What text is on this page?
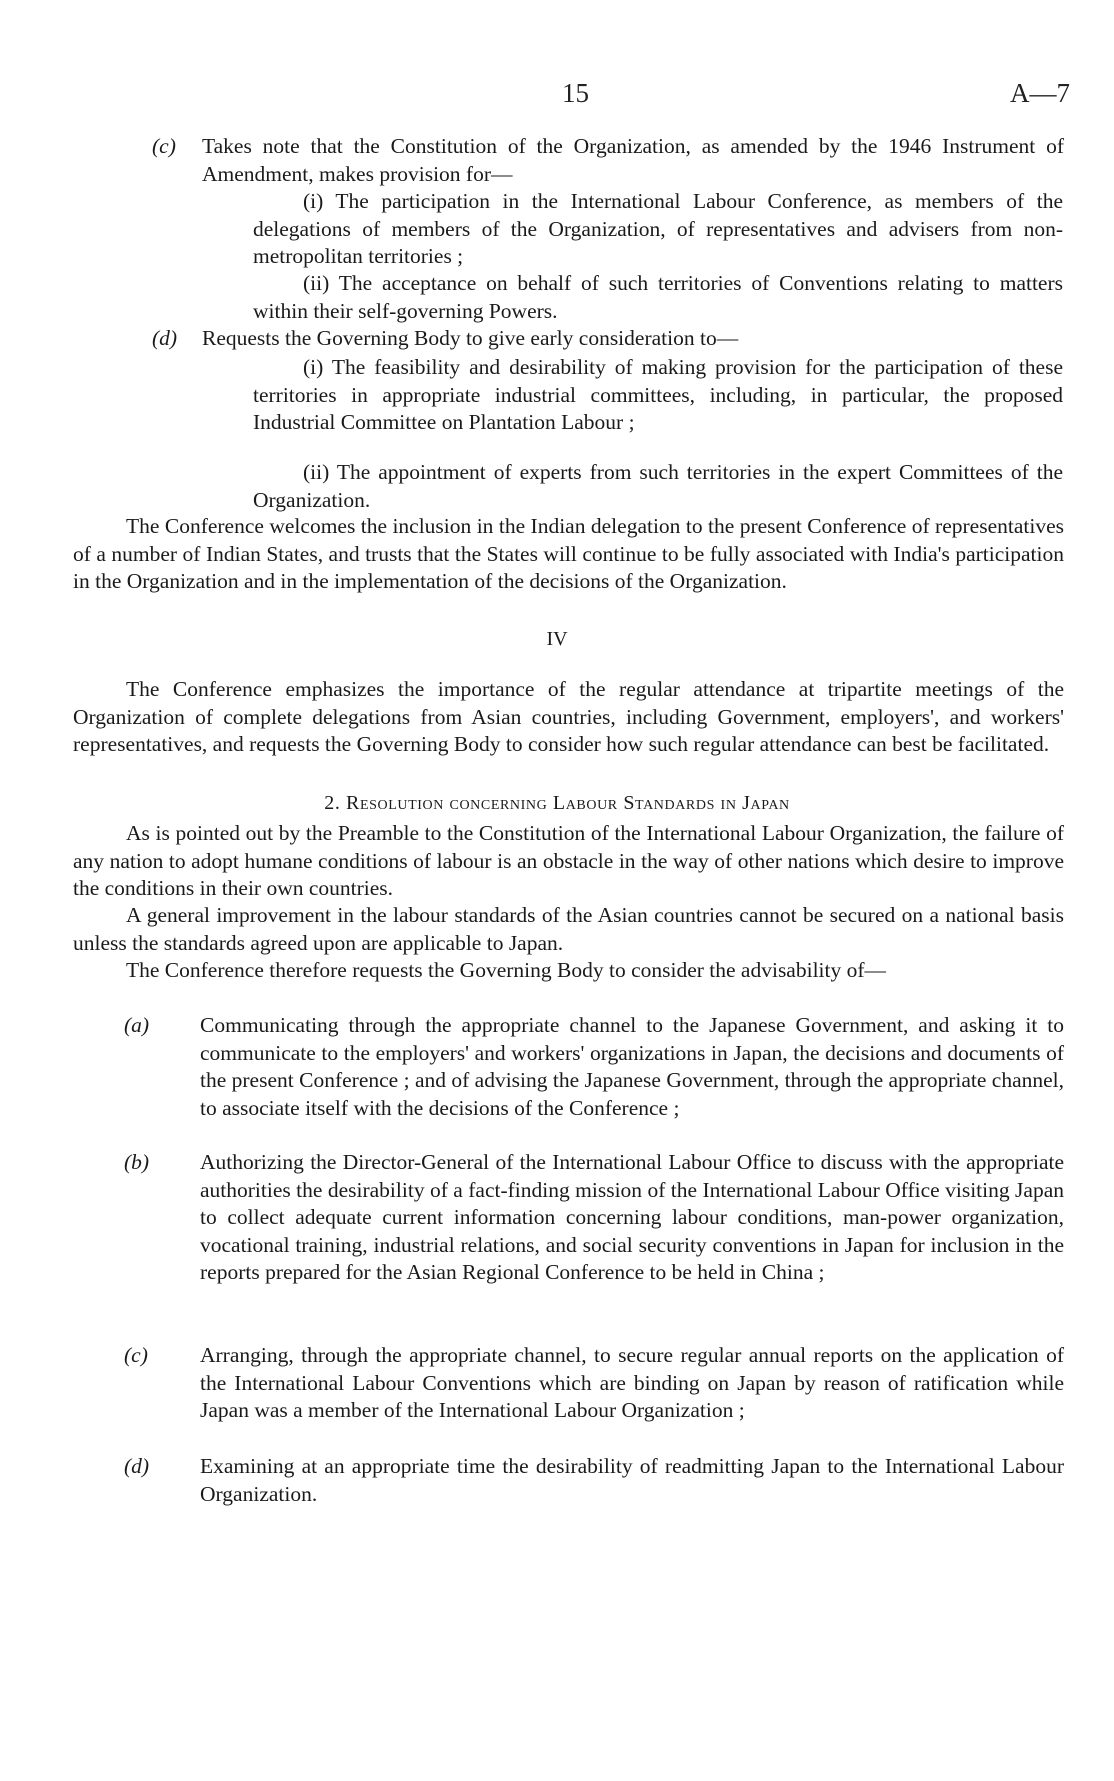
15	A—7
(c) Takes note that the Constitution of the Organization, as amended by the 1946 Instrument of Amendment, makes provision for—
(i) The participation in the International Labour Conference, as members of the delegations of members of the Organization, of representatives and advisers from non-metropolitan territories ;
(ii) The acceptance on behalf of such territories of Conventions relating to matters within their self-governing Powers.
(d) Requests the Governing Body to give early consideration to—
(i) The feasibility and desirability of making provision for the participation of these territories in appropriate industrial committees, including, in particular, the proposed Industrial Committee on Plantation Labour ;
(ii) The appointment of experts from such territories in the expert Committees of the Organization.
The Conference welcomes the inclusion in the Indian delegation to the present Conference of representatives of a number of Indian States, and trusts that the States will continue to be fully associated with India's participation in the Organization and in the implementation of the decisions of the Organization.
IV
The Conference emphasizes the importance of the regular attendance at tripartite meetings of the Organization of complete delegations from Asian countries, including Government, employers', and workers' representatives, and requests the Governing Body to consider how such regular attendance can best be facilitated.
2. Resolution concerning Labour Standards in Japan
As is pointed out by the Preamble to the Constitution of the International Labour Organization, the failure of any nation to adopt humane conditions of labour is an obstacle in the way of other nations which desire to improve the conditions in their own countries.
A general improvement in the labour standards of the Asian countries cannot be secured on a national basis unless the standards agreed upon are applicable to Japan.
The Conference therefore requests the Governing Body to consider the advisability of—
(a) Communicating through the appropriate channel to the Japanese Government, and asking it to communicate to the employers' and workers' organizations in Japan, the decisions and documents of the present Conference ; and of advising the Japanese Government, through the appropriate channel, to associate itself with the decisions of the Conference ;
(b) Authorizing the Director-General of the International Labour Office to discuss with the appropriate authorities the desirability of a fact-finding mission of the International Labour Office visiting Japan to collect adequate current information concerning labour conditions, man-power organization, vocational training, industrial relations, and social security conventions in Japan for inclusion in the reports prepared for the Asian Regional Conference to be held in China ;
(c) Arranging, through the appropriate channel, to secure regular annual reports on the application of the International Labour Conventions which are binding on Japan by reason of ratification while Japan was a member of the International Labour Organization ;
(d) Examining at an appropriate time the desirability of readmitting Japan to the International Labour Organization.
